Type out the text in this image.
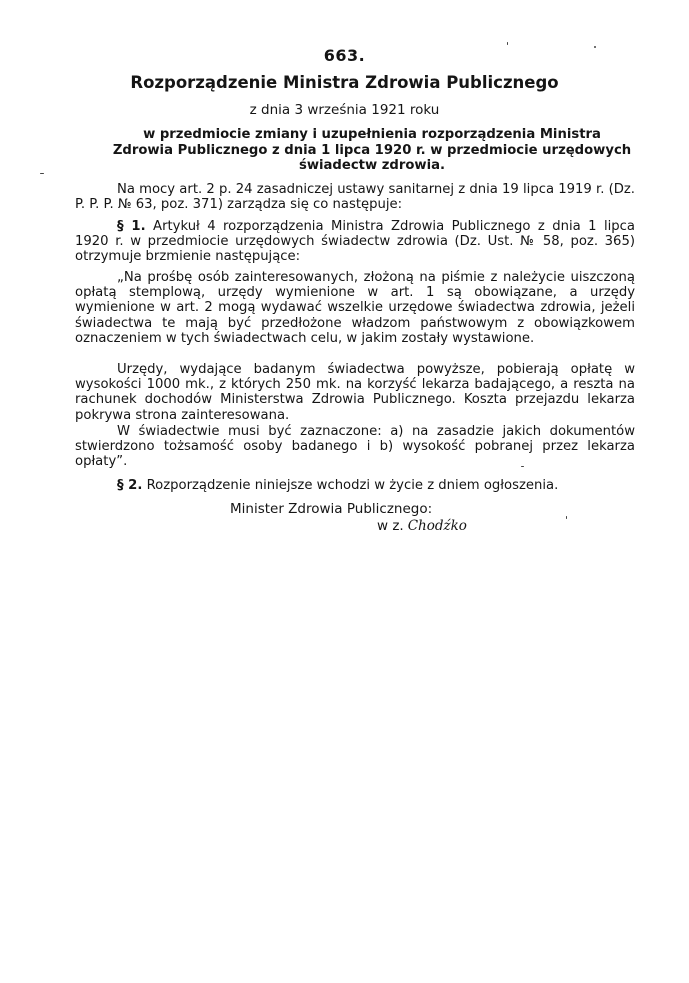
663.
Rozporządzenie Ministra Zdrowia Publicznego
z dnia 3 września 1921 roku
w przedmiocie zmiany i uzupełnienia rozporządzenia Ministra Zdrowia Publicznego z dnia 1 lipca 1920 r. w przedmiocie urzędowych świadectw zdrowia.
Na mocy art. 2 p. 24 zasadniczej ustawy sanitarnej z dnia 19 lipca 1919 r. (Dz. P. P. P. № 63, poz. 371) zarządza się co następuje:
§ 1. Artykuł 4 rozporządzenia Ministra Zdrowia Publicznego z dnia 1 lipca 1920 r. w przedmiocie urzędowych świadectw zdrowia (Dz. Ust. № 58, poz. 365) otrzymuje brzmienie następujące:
„Na prośbę osób zainteresowanych, złożoną na piśmie z należycie uiszczoną opłatą stemplową, urzędy wymienione w art. 1 są obowiązane, a urzędy wymienione w art. 2 mogą wydawać wszelkie urzędowe świadectwa zdrowia, jeżeli świadectwa te mają być przedłożone władzom państwowym z obowiązkowem oznaczeniem w tych świadectwach celu, w jakim zostały wystawione.
Urzędy, wydające badanym świadectwa powyższe, pobierają opłatę w wysokości 1000 mk., z których 250 mk. na korzyść lekarza badającego, a reszta na rachunek dochodów Ministerstwa Zdrowia Publicznego. Koszta przejazdu lekarza pokrywa strona zainteresowana.
W świadectwie musi być zaznaczone: a) na zasadzie jakich dokumentów stwierdzono tożsamość osoby badanego i b) wysokość pobranej przez lekarza opłaty”.
§ 2. Rozporządzenie niniejsze wchodzi w życie z dniem ogłoszenia.
Minister Zdrowia Publicznego:
w z. Chodźko
